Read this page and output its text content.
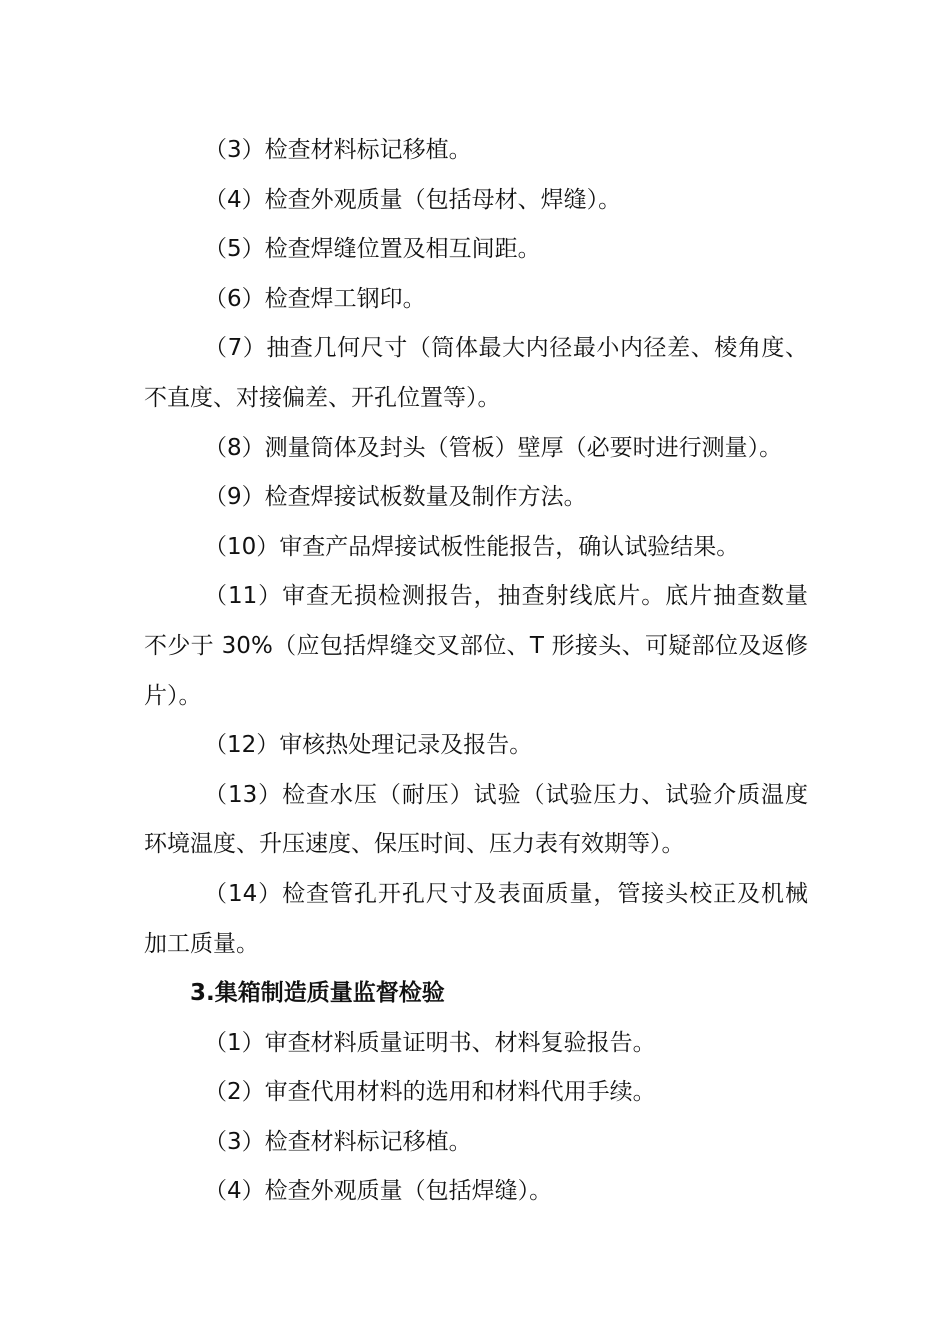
（3）检查材料标记移植。

（4）检查外观质量（包括母材、焊缝）。

（5）检查焊缝位置及相互间距。

（6）检查焊工钢印。

（7）抽查几何尺寸（筒体最大内径最小内径差、棱角度、不直度、对接偏差、开孔位置等）。

（8）测量筒体及封头（管板）壁厚（必要时进行测量）。

（9）检查焊接试板数量及制作方法。

（10）审查产品焊接试板性能报告，确认试验结果。

（11）审查无损检测报告，抽查射线底片。底片抽查数量不少于 30%（应包括焊缝交叉部位、T 形接头、可疑部位及返修片）。

（12）审核热处理记录及报告。

（13）检查水压（耐压）试验（试验压力、试验介质温度环境温度、升压速度、保压时间、压力表有效期等）。

（14）检查管孔开孔尺寸及表面质量，管接头校正及机械加工质量。

3.集箱制造质量监督检验

（1）审查材料质量证明书、材料复验报告。

（2）审查代用材料的选用和材料代用手续。

（3）检查材料标记移植。

（4）检查外观质量（包括焊缝）。
